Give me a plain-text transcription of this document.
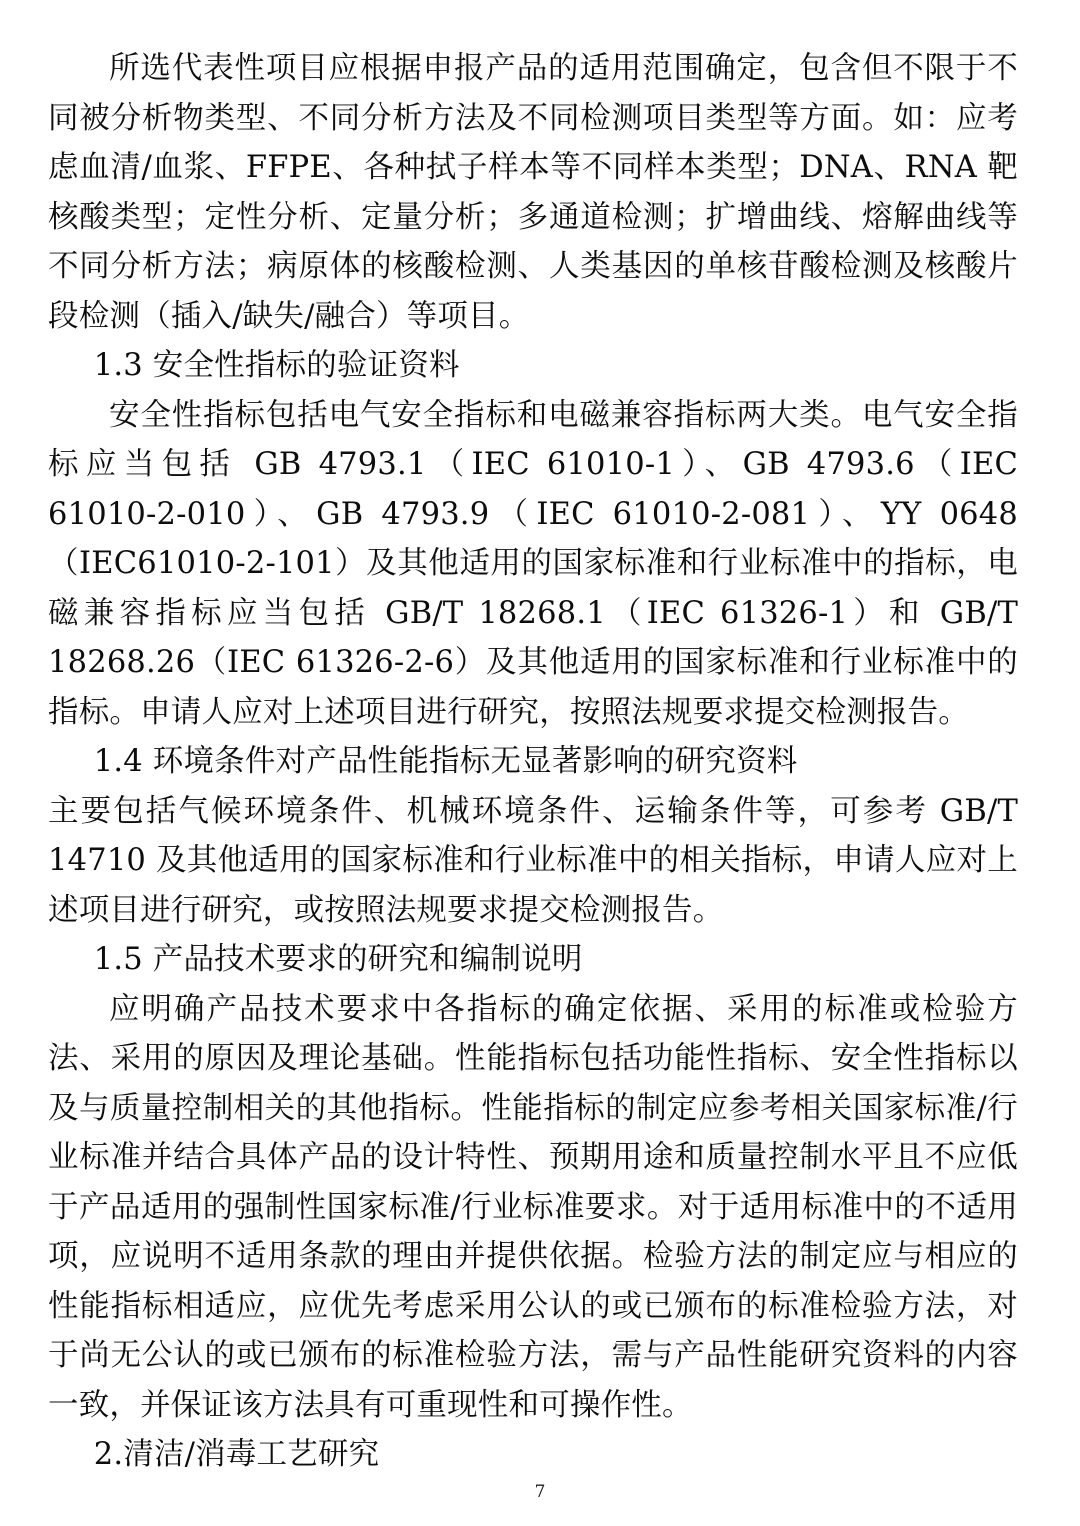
所选代表性项目应根据申报产品的适用范围确定，包含但不限于不同被分析物类型、不同分析方法及不同检测项目类型等方面。如：应考虑血清/血浆、FFPE、各种拭子样本等不同样本类型；DNA、RNA 靶核酸类型；定性分析、定量分析；多通道检测；扩增曲线、熔解曲线等不同分析方法；病原体的核酸检测、人类基因的单核苷酸检测及核酸片段检测（插入/缺失/融合）等项目。

1.3 安全性指标的验证资料

安全性指标包括电气安全指标和电磁兼容指标两大类。电气安全指标应当包括 GB 4793.1（IEC 61010-1）、GB 4793.6（IEC 61010-2-010）、GB 4793.9（IEC 61010-2-081）、YY 0648（IEC61010-2-101）及其他适用的国家标准和行业标准中的指标，电磁兼容指标应当包括 GB/T 18268.1（IEC 61326-1）和 GB/T 18268.26（IEC 61326-2-6）及其他适用的国家标准和行业标准中的指标。申请人应对上述项目进行研究，按照法规要求提交检测报告。

1.4 环境条件对产品性能指标无显著影响的研究资料

主要包括气候环境条件、机械环境条件、运输条件等，可参考 GB/T 14710 及其他适用的国家标准和行业标准中的相关指标，申请人应对上述项目进行研究，或按照法规要求提交检测报告。

1.5 产品技术要求的研究和编制说明

应明确产品技术要求中各指标的确定依据、采用的标准或检验方法、采用的原因及理论基础。性能指标包括功能性指标、安全性指标以及与质量控制相关的其他指标。性能指标的制定应参考相关国家标准/行业标准并结合具体产品的设计特性、预期用途和质量控制水平且不应低于产品适用的强制性国家标准/行业标准要求。对于适用标准中的不适用项，应说明不适用条款的理由并提供依据。检验方法的制定应与相应的性能指标相适应，应优先考虑采用公认的或已颁布的标准检验方法，对于尚无公认的或已颁布的标准检验方法，需与产品性能研究资料的内容一致，并保证该方法具有可重现性和可操作性。

2.清洁/消毒工艺研究

7
